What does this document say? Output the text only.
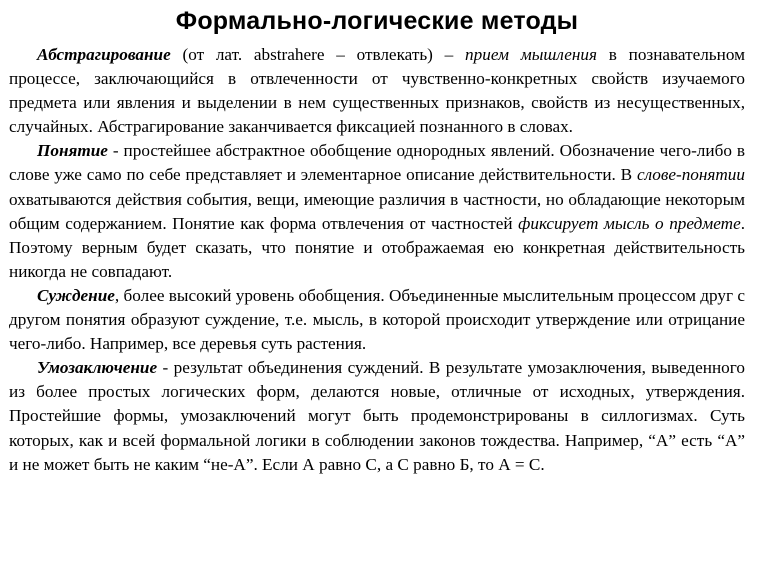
Формально-логические методы

Абстрагирование (от лат. abstrahere – отвлекать) – прием мышления в познавательном процессе, заключающийся в отвлеченности от чувственно-конкретных свойств изучаемого предмета или явления и выделении в нем существенных признаков, свойств из несущественных, случайных. Абстрагирование заканчивается фиксацией познанного в словах.

Понятие - простейшее абстрактное обобщение однородных явлений. Обозначение чего-либо в слове уже само по себе представляет и элементарное описание действительности. В слове-понятии охватываются действия события, вещи, имеющие различия в частности, но обладающие некоторым общим содержанием. Понятие как форма отвлечения от частностей фиксирует мысль о предмете. Поэтому верным будет сказать, что понятие и отображаемая ею конкретная действительность никогда не совпадают.

Суждение, более высокий уровень обобщения. Объединенные мыслительным процессом друг с другом понятия образуют суждение, т.е. мысль, в которой происходит утверждение или отрицание чего-либо. Например, все деревья суть растения.

Умозаключение - результат объединения суждений. В результате умозаключения, выведенного из более простых логических форм, делаются новые, отличные от исходных, утверждения. Простейшие формы, умозаключений могут быть продемонстрированы в силлогизмах. Суть которых, как и всей формальной логики в соблюдении законов тождества. Например, “А” есть “А” и не может быть не каким “не-А”. Если А равно С, а С равно Б, то А = С.
